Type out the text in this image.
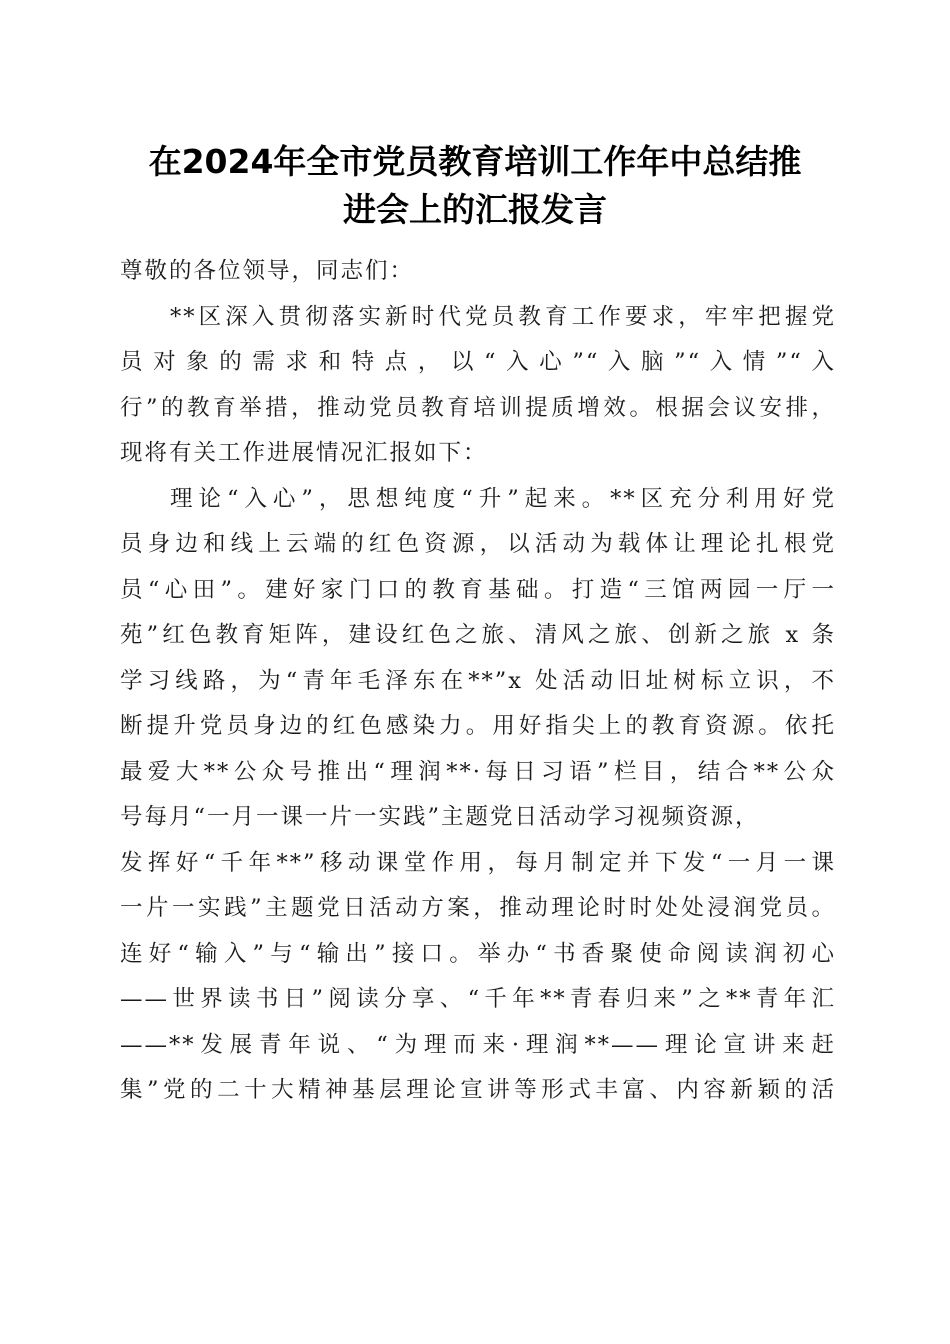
在2024年全市党员教育培训工作年中总结推
进会上的汇报发言
尊敬的各位领导，同志们：
**区深入贯彻落实新时代党员教育工作要求，牢牢把握党
员对象的需求和特点，以“入心”“入脑”“入情”“入
行”的教育举措，推动党员教育培训提质增效。根据会议安排，
现将有关工作进展情况汇报如下：
理论“入心”，思想纯度“升”起来。**区充分利用好党
员身边和线上云端的红色资源，以活动为载体让理论扎根党
员“心田”。建好家门口的教育基础。打造“三馆两园一厅一
苑”红色教育矩阵，建设红色之旅、清风之旅、创新之旅 x 条
学习线路，为“青年毛泽东在**”x 处活动旧址树标立识，不
断提升党员身边的红色感染力。用好指尖上的教育资源。依托
最爱大**公众号推出“理润**·每日习语”栏目，结合**公众
号每月“一月一课一片一实践”主题党日活动学习视频资源，
发挥好“千年**”移动课堂作用，每月制定并下发“一月一课
一片一实践”主题党日活动方案，推动理论时时处处浸润党员。
连好“输入”与“输出”接口。举办“书香聚使命阅读润初心
——世界读书日”阅读分享、“千年**青春归来”之**青年汇
——**发展青年说、“为理而来·理润**——理论宣讲来赶
集”党的二十大精神基层理论宣讲等形式丰富、内容新颖的活
